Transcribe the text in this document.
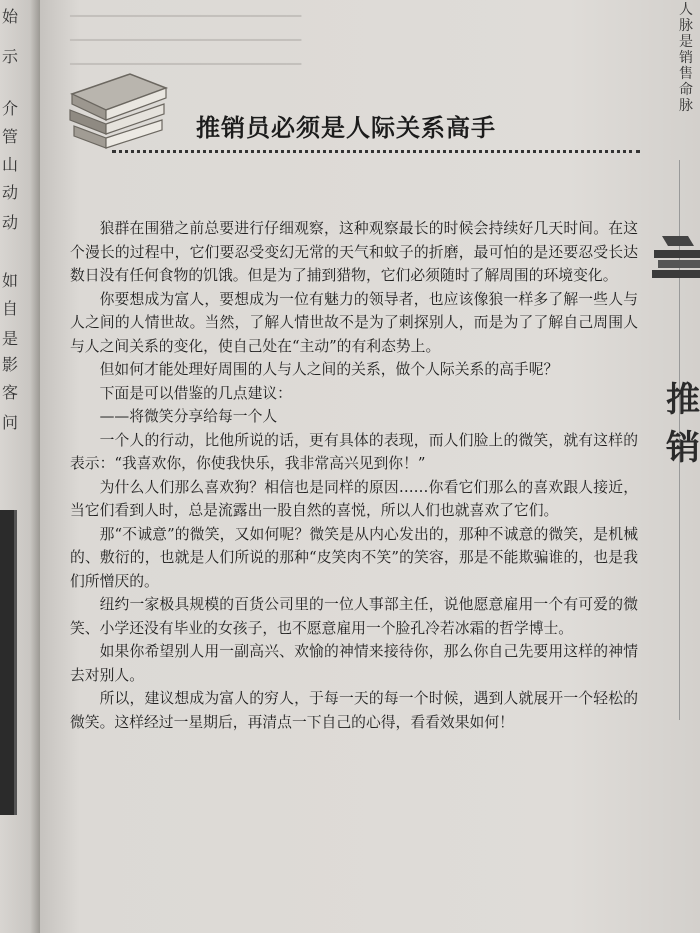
始
示
介
管
山
动
动
如
自
是
影
客
问
━━━━━━━━━━━━━━━━━━━━━━━━━━━━━━━━
━━━━━━━━━━━━━━━━━━━━━━━━━━━━━━━━
━━━━━━━━━━━━━━━━━━━━━━━━━━━━━━━━
人脉是销售命脉
推
销
推销员必须是人际关系高手

狼群在围猎之前总要进行仔细观察，这种观察最长的时候会持续好几天时间。在这个漫长的过程中，它们要忍受变幻无常的天气和蚊子的折磨，最可怕的是还要忍受长达数日没有任何食物的饥饿。但是为了捕到猎物，它们必须随时了解周围的环境变化。

你要想成为富人，要想成为一位有魅力的领导者，也应该像狼一样多了解一些人与人之间的人情世故。当然，了解人情世故不是为了刺探别人，而是为了了解自己周围人与人之间关系的变化，使自己处在“主动”的有利态势上。

但如何才能处理好周围的人与人之间的关系，做个人际关系的高手呢？

下面是可以借鉴的几点建议：

——将微笑分享给每一个人

一个人的行动，比他所说的话，更有具体的表现，而人们脸上的微笑，就有这样的表示：“我喜欢你，你使我快乐，我非常高兴见到你！”

为什么人们那么喜欢狗？相信也是同样的原因……你看它们那么的喜欢跟人接近，当它们看到人时，总是流露出一股自然的喜悦，所以人们也就喜欢了它们。

那“不诚意”的微笑，又如何呢？微笑是从内心发出的，那种不诚意的微笑，是机械的、敷衍的，也就是人们所说的那种“皮笑肉不笑”的笑容，那是不能欺骗谁的，也是我们所憎厌的。

纽约一家极具规模的百货公司里的一位人事部主任，说他愿意雇用一个有可爱的微笑、小学还没有毕业的女孩子，也不愿意雇用一个脸孔冷若冰霜的哲学博士。

如果你希望别人用一副高兴、欢愉的神情来接待你，那么你自己先要用这样的神情去对别人。

所以，建议想成为富人的穷人，于每一天的每一个时候，遇到人就展开一个轻松的微笑。这样经过一星期后，再清点一下自己的心得，看看效果如何！
